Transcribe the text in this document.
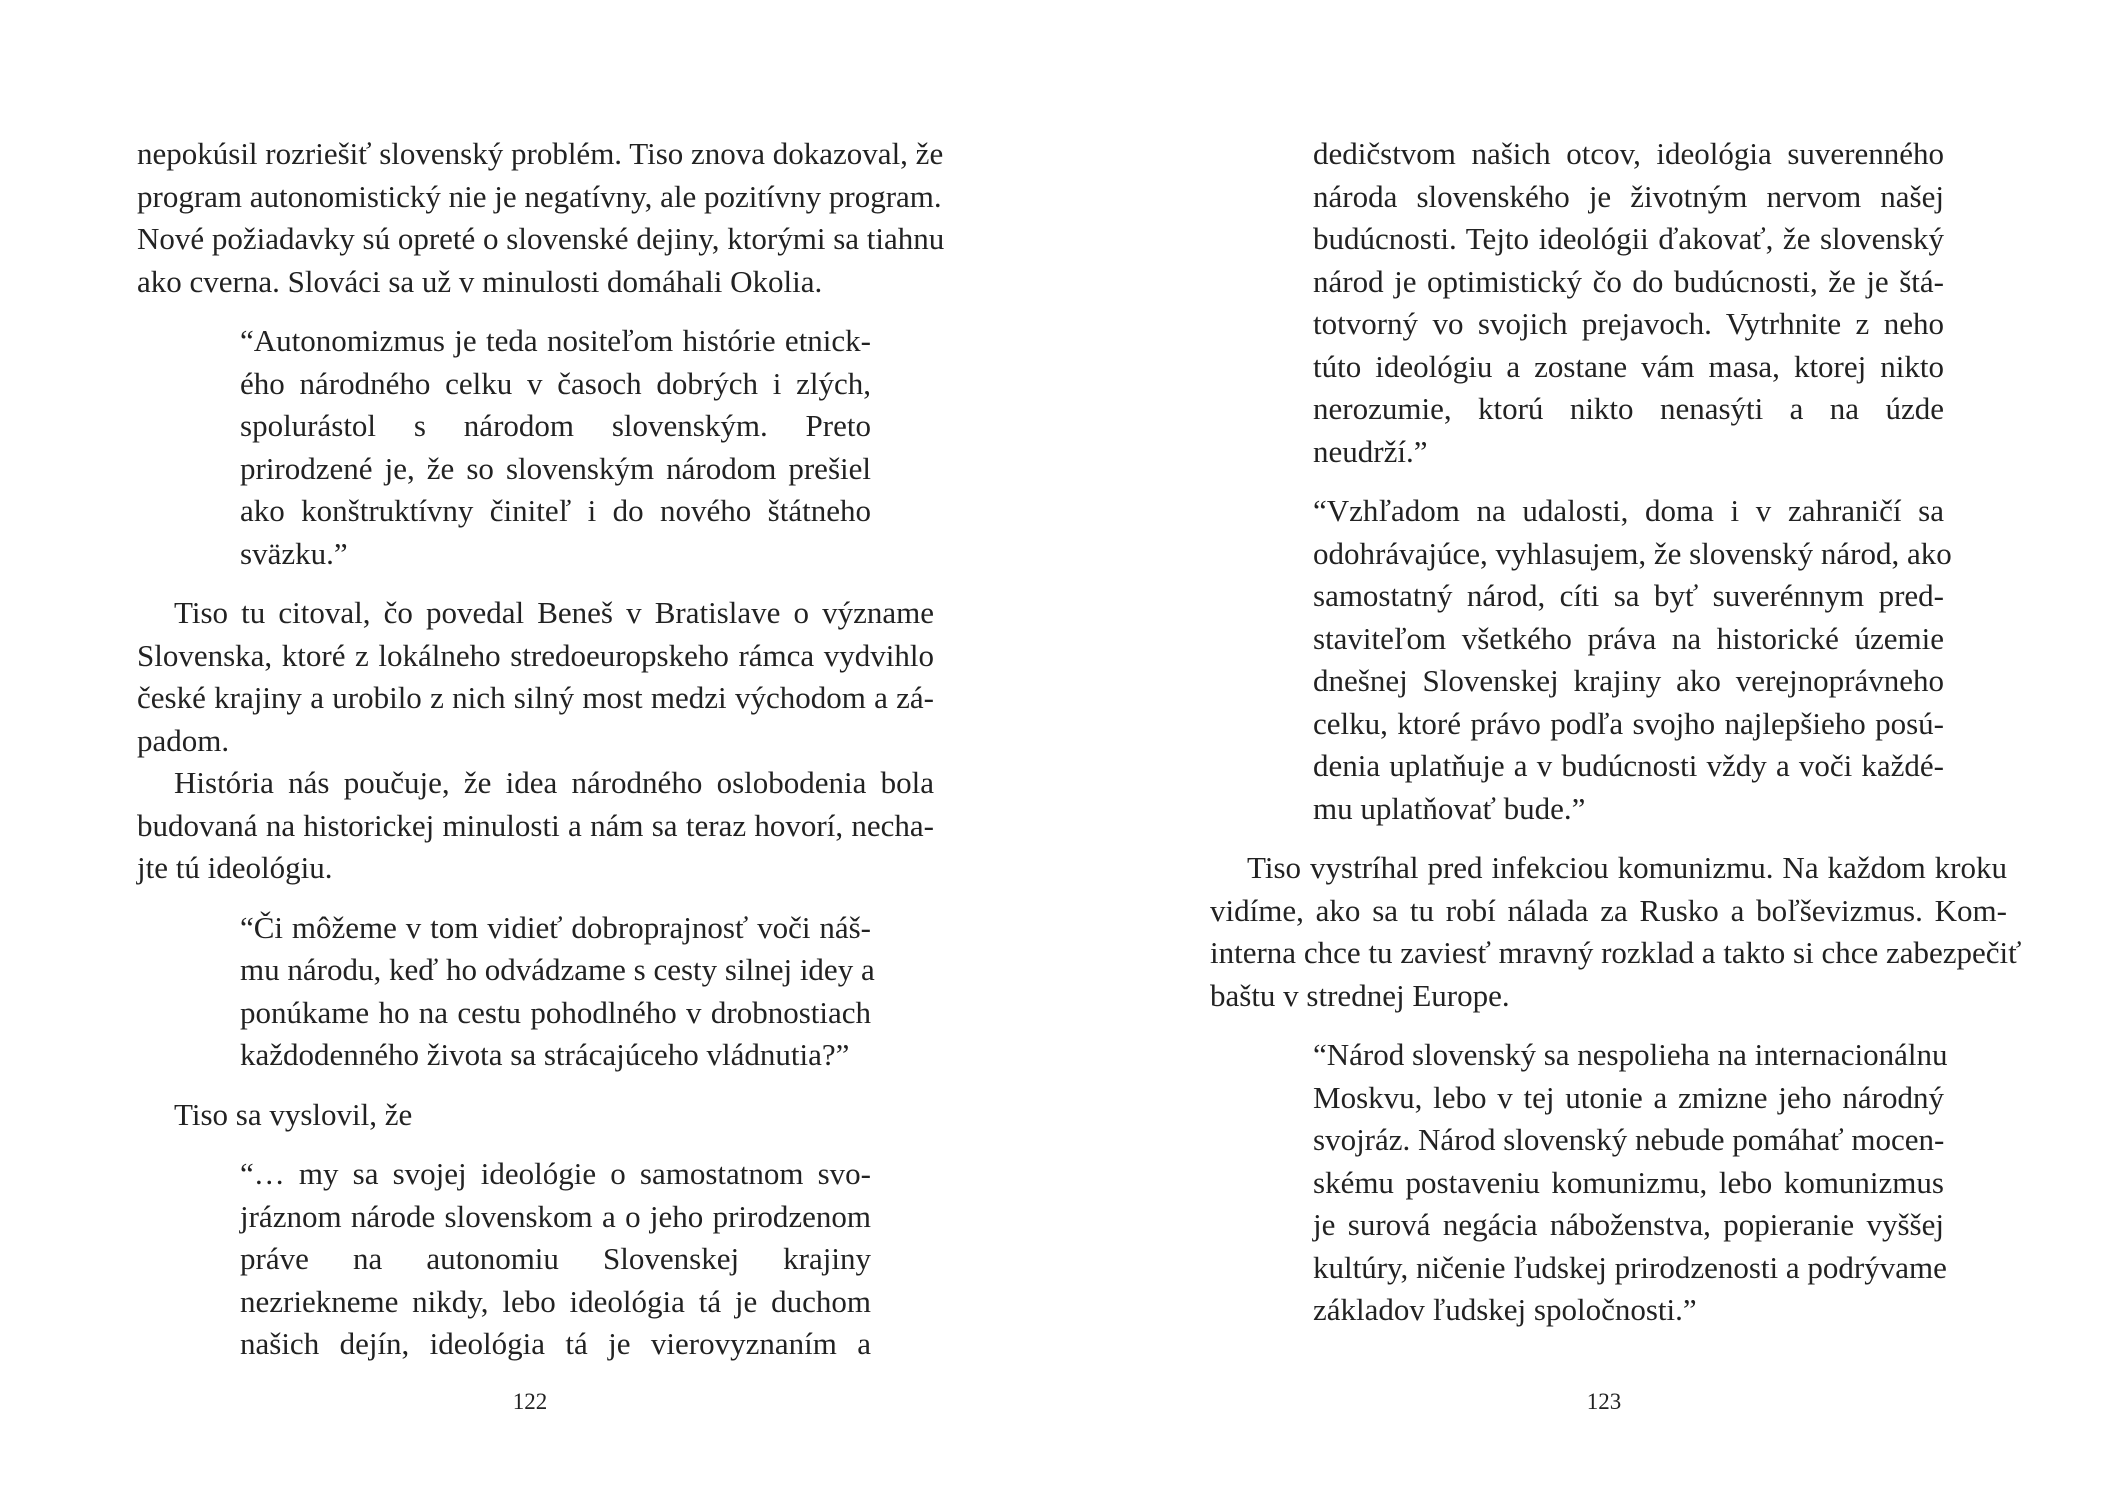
nepokúsil rozriešiť slovenský problém. Tiso znova dokazoval, že
program autonomistický nie je negatívny, ale pozitívny program.
Nové požiadavky sú opreté o slovenské dejiny, ktorými sa tiahnu
ako cverna. Slováci sa už v minulosti domáhali Okolia.
“Autonomizmus je teda nositeľom histórie etnick-
ého národného celku v časoch dobrých i zlých,
spolurástol s národom slovenským. Preto
prirodzené je, že so slovenským národom prešiel
ako konštruktívny činiteľ i do nového štátneho
sväzku.”
Tiso tu citoval, čo povedal Beneš v Bratislave o význame
Slovenska, ktoré z lokálneho stredoeuropskeho rámca vydvihlo
české krajiny a urobilo z nich silný most medzi východom a zá-
padom.
História nás poučuje, že idea národného oslobodenia bola
budovaná na historickej minulosti a nám sa teraz hovorí, necha-
jte tú ideológiu.
“Či môžeme v tom vidieť dobroprajnosť voči náš-
mu národu, keď ho odvádzame s cesty silnej idey a
ponúkame ho na cestu pohodlného v drobnostiach
každodenného života sa strácajúceho vládnutia?”
Tiso sa vyslovil, že
“… my sa svojej ideológie o samostatnom svo-
jráznom národe slovenskom a o jeho prirodzenom
práve na autonomiu Slovenskej krajiny
nezriekneme nikdy, lebo ideológia tá je duchom
našich dejín, ideológia tá je vierovyznaním a
122
dedičstvom našich otcov, ideológia suverenného
národa slovenského je životným nervom našej
budúcnosti. Tejto ideológii ďakovať, že slovenský
národ je optimistický čo do budúcnosti, že je štá-
totvorný vo svojich prejavoch. Vytrhnite z neho
túto ideológiu a zostane vám masa, ktorej nikto
nerozumie, ktorú nikto nenasýti a na úzde
neudrží.”
“Vzhľadom na udalosti, doma i v zahraničí sa
odohrávajúce, vyhlasujem, že slovenský národ, ako
samostatný národ, cíti sa byť suverénnym pred-
staviteľom všetkého práva na historické územie
dnešnej Slovenskej krajiny ako verejnoprávneho
celku, ktoré právo podľa svojho najlepšieho posú-
denia uplatňuje a v budúcnosti vždy a voči každé-
mu uplatňovať bude.”
Tiso vystríhal pred infekciou komunizmu. Na každom kroku
vidíme, ako sa tu robí nálada za Rusko a boľševizmus. Kom-
interna chce tu zaviesť mravný rozklad a takto si chce zabezpečiť
baštu v strednej Europe.
“Národ slovenský sa nespolieha na internacionálnu
Moskvu, lebo v tej utonie a zmizne jeho národný
svojráz. Národ slovenský nebude pomáhať mocen-
skému postaveniu komunizmu, lebo komunizmus
je surová negácia náboženstva, popieranie vyššej
kultúry, ničenie ľudskej prirodzenosti a podrývame
základov ľudskej spoločnosti.”
123
